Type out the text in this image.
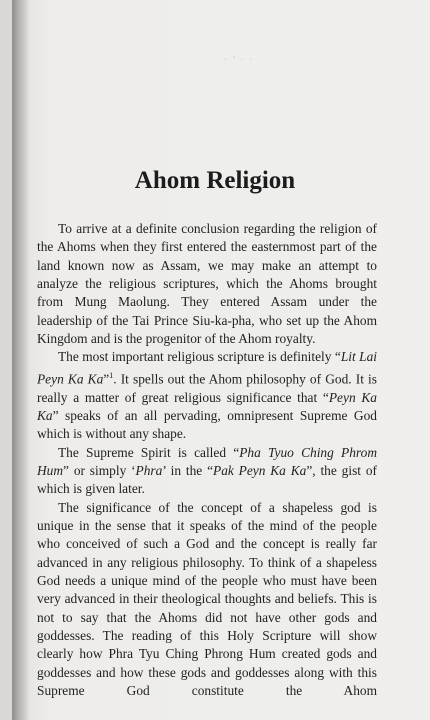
· ’ · ·
Ahom Religion

To arrive at a definite conclusion regarding the religion of the Ahoms when they first entered the easternmost part of the land known now as Assam, we may make an attempt to analyze the religious scriptures, which the Ahoms brought from Mung Maolung. They entered Assam under the leadership of the Tai Prince Siu-ka-pha, who set up the Ahom Kingdom and is the progenitor of the Ahom royalty.

The most important religious scripture is definitely “Lit Lai Peyn Ka Ka”$^1$. It spells out the Ahom philosophy of God. It is really a matter of great religious significance that “Peyn Ka Ka” speaks of an all pervading, omnipresent Supreme God which is without any shape.

The Supreme Spirit is called “Pha Tyuo Ching Phrom Hum” or simply ‘Phra’ in the “Pak Peyn Ka Ka”, the gist of which is given later.

The significance of the concept of a shapeless god is unique in the sense that it speaks of the mind of the people who conceived of such a God and the concept is really far advanced in any religious philosophy. To think of a shapeless God needs a unique mind of the people who must have been very advanced in their theological thoughts and beliefs. This is not to say that the Ahoms did not have other gods and goddesses. The reading of this Holy Scripture will show clearly how Phra Tyu Ching Phrong Hum created gods and goddesses and how these gods and goddesses along with this Supreme God constitute the Ahom
